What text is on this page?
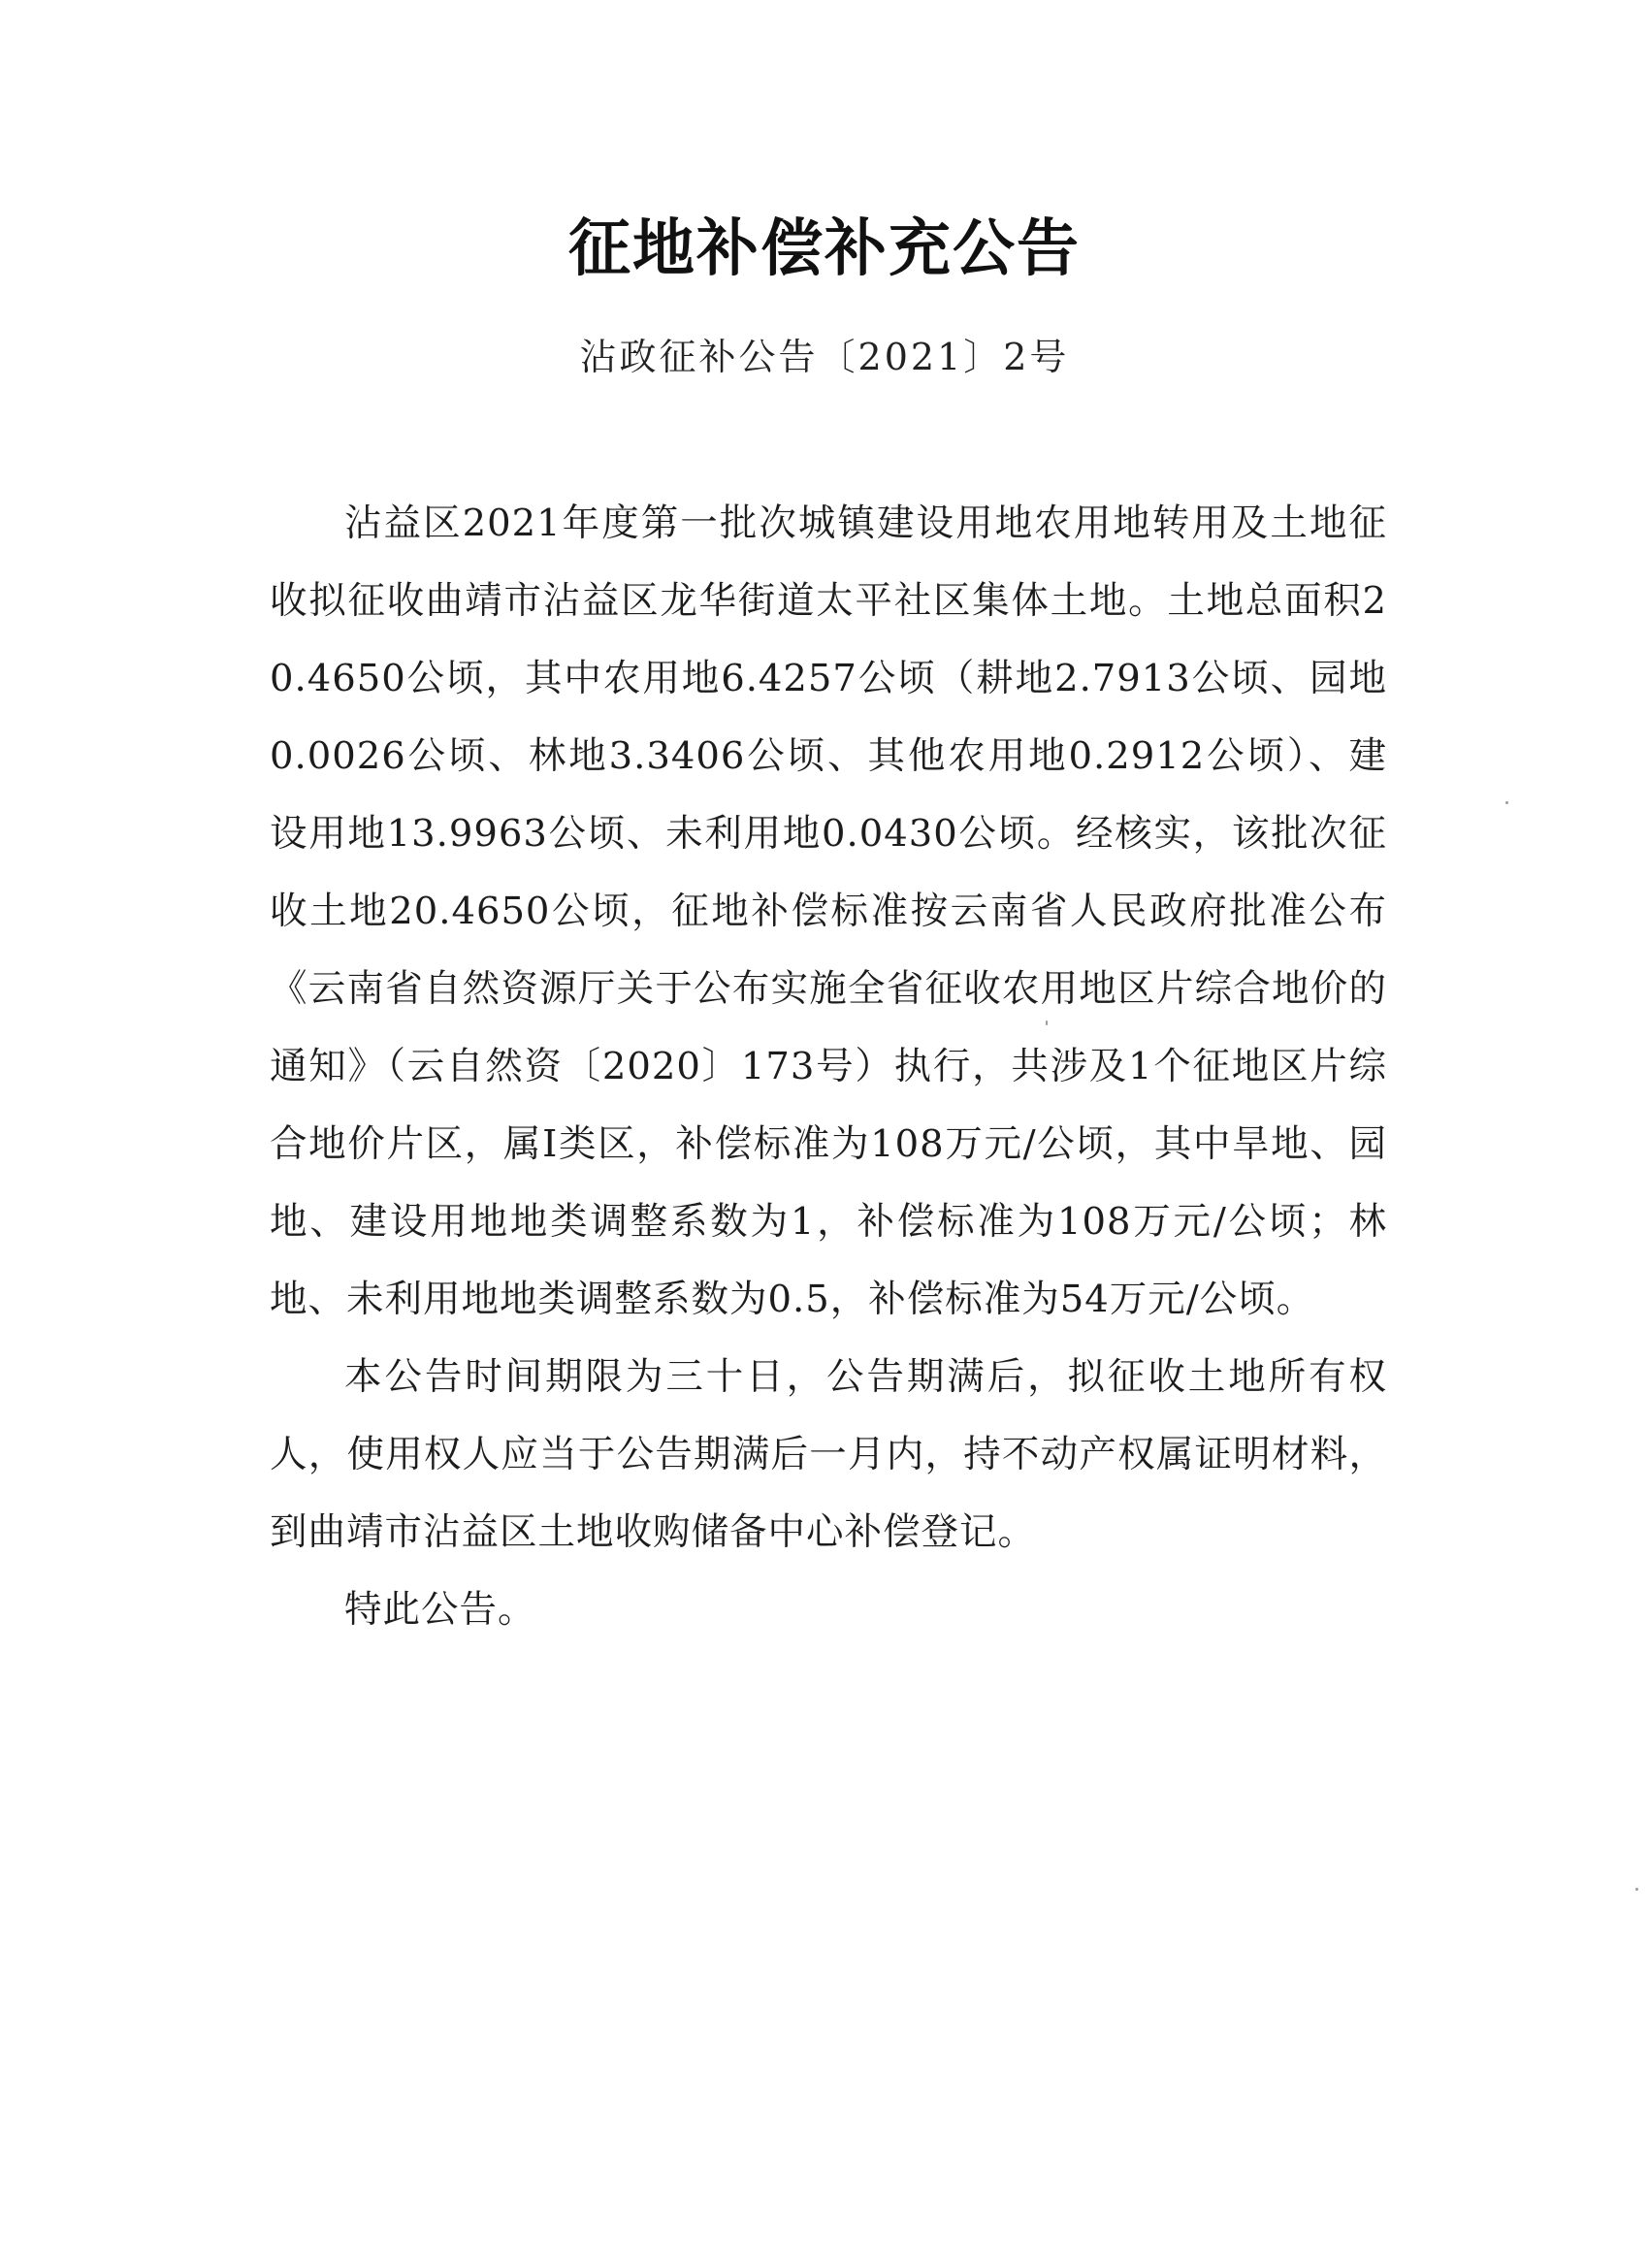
征地补偿补充公告
沾政征补公告〔2021〕2号

沾益区2021年度第一批次城镇建设用地农用地转用及土地征收拟征收曲靖市沾益区龙华街道太平社区集体土地。土地总面积20.4650公顷，其中农用地6.4257公顷（耕地2.7913公顷、园地0.0026公顷、林地3.3406公顷、其他农用地0.2912公顷）、建设用地13.9963公顷、未利用地0.0430公顷。经核实，该批次征收土地20.4650公顷，征地补偿标准按云南省人民政府批准公布《云南省自然资源厅关于公布实施全省征收农用地区片综合地价的通知》（云自然资〔2020〕173号）执行，共涉及1个征地区片综合地价片区，属Ⅰ类区，补偿标准为108万元/公顷，其中旱地、园地、建设用地地类调整系数为1，补偿标准为108万元/公顷；林地、未利用地地类调整系数为0.5，补偿标准为54万元/公顷。

本公告时间期限为三十日，公告期满后，拟征收土地所有权人，使用权人应当于公告期满后一月内，持不动产权属证明材料，到曲靖市沾益区土地收购储备中心补偿登记。

特此公告。
